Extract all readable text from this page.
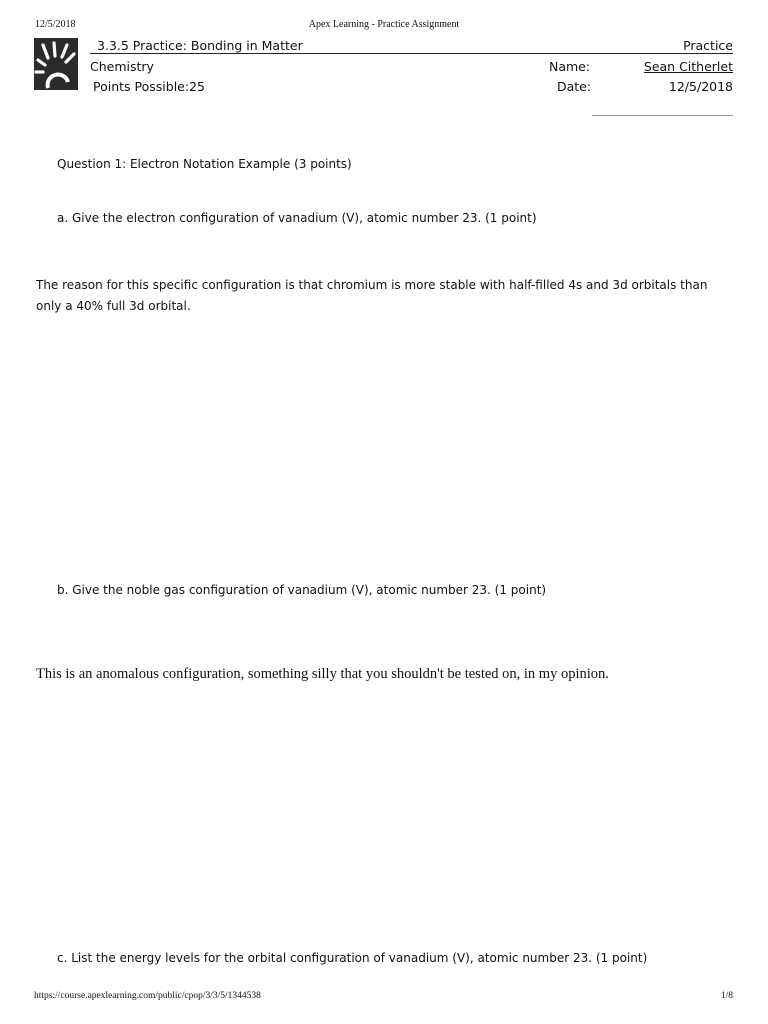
12/5/2018	Apex Learning - Practice Assignment
3.3.5 Practice: Bonding in Matter	Practice
Chemistry
Points Possible:25
Name:	Sean Citherlet
Date:	12/5/2018
Question 1: Electron Notation Example (3 points)
a. Give the electron configuration of vanadium (V), atomic number 23. (1 point)
The reason for this specific configuration is that chromium is more stable with half-filled 4s and 3d orbitals than only a 40% full 3d orbital.
b. Give the noble gas configuration of vanadium (V), atomic number 23. (1 point)
This is an anomalous configuration, something silly that you shouldn't be tested on, in my opinion.
c. List the energy levels for the orbital configuration of vanadium (V), atomic number 23. (1 point)
https://course.apexlearning.com/public/cpop/3/3/5/1344538	1/8
